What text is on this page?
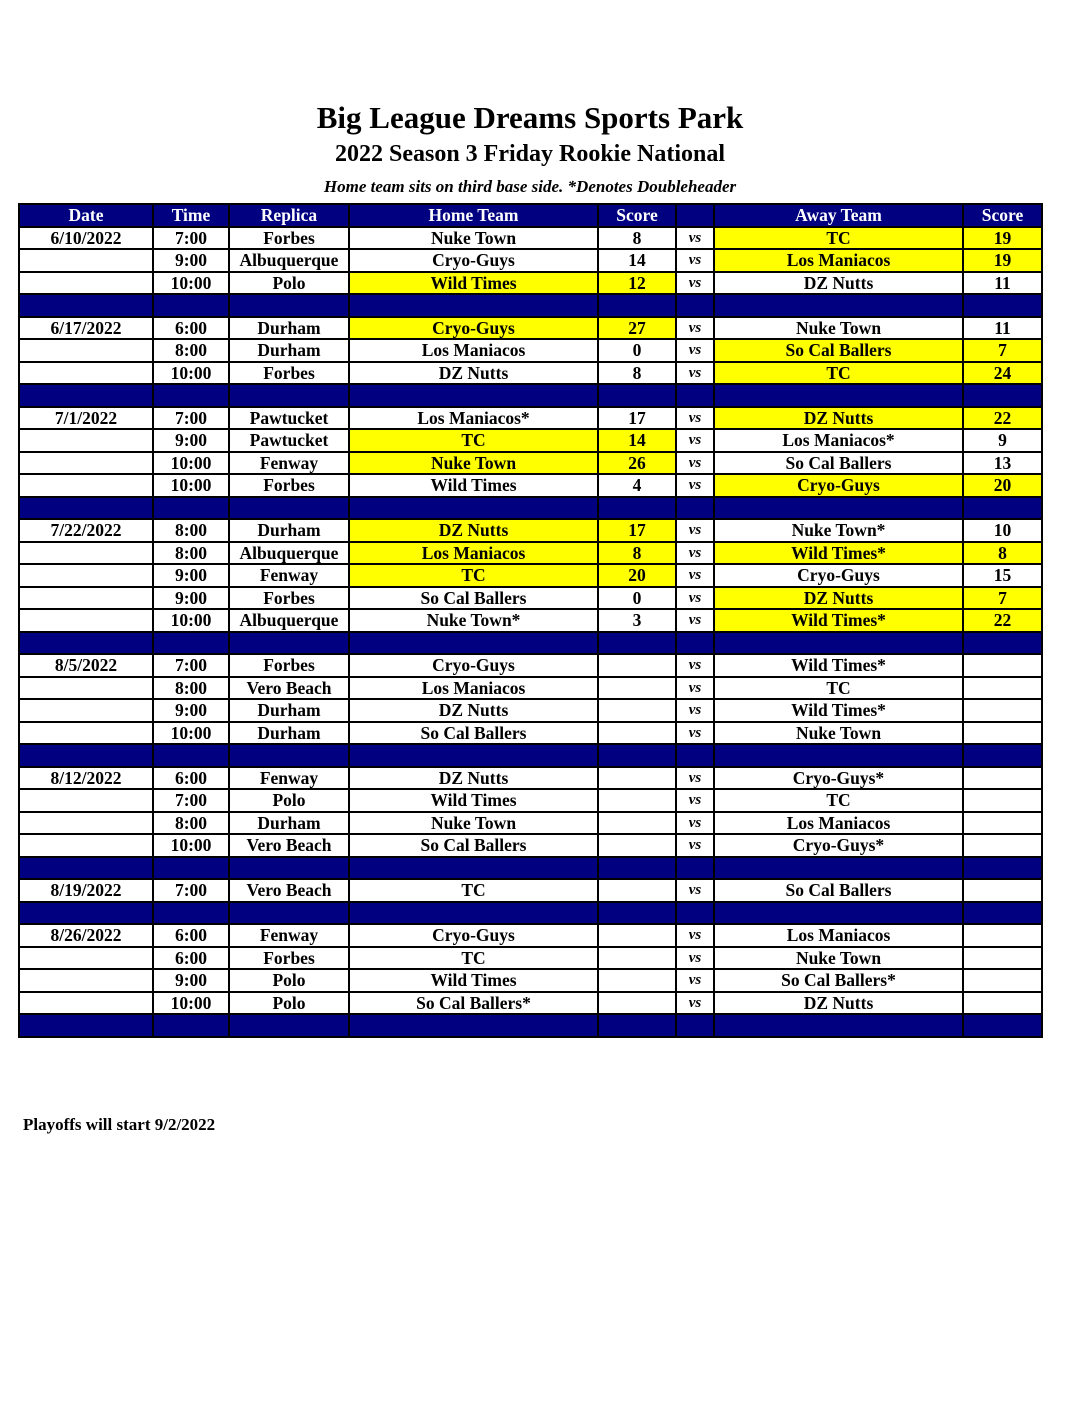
Big League Dreams Sports Park
2022 Season 3 Friday Rookie National
Home team sits on third base side. *Denotes Doubleheader
Date	Time	Replica	Home Team	Score		Away Team	Score
6/10/2022	7:00	Forbes	Nuke Town	8	vs	TC	19
	9:00	Albuquerque	Cryo-Guys	14	vs	Los Maniacos	19
	10:00	Polo	Wild Times	12	vs	DZ Nutts	11

6/17/2022	6:00	Durham	Cryo-Guys	27	vs	Nuke Town	11
	8:00	Durham	Los Maniacos	0	vs	So Cal Ballers	7
	10:00	Forbes	DZ Nutts	8	vs	TC	24

7/1/2022	7:00	Pawtucket	Los Maniacos*	17	vs	DZ Nutts	22
	9:00	Pawtucket	TC	14	vs	Los Maniacos*	9
	10:00	Fenway	Nuke Town	26	vs	So Cal Ballers	13
	10:00	Forbes	Wild Times	4	vs	Cryo-Guys	20

7/22/2022	8:00	Durham	DZ Nutts	17	vs	Nuke Town*	10
	8:00	Albuquerque	Los Maniacos	8	vs	Wild Times*	8
	9:00	Fenway	TC	20	vs	Cryo-Guys	15
	9:00	Forbes	So Cal Ballers	0	vs	DZ Nutts	7
	10:00	Albuquerque	Nuke Town*	3	vs	Wild Times*	22

8/5/2022	7:00	Forbes	Cryo-Guys		vs	Wild Times*	
	8:00	Vero Beach	Los Maniacos		vs	TC	
	9:00	Durham	DZ Nutts		vs	Wild Times*	
	10:00	Durham	So Cal Ballers		vs	Nuke Town	

8/12/2022	6:00	Fenway	DZ Nutts		vs	Cryo-Guys*	
	7:00	Polo	Wild Times		vs	TC	
	8:00	Durham	Nuke Town		vs	Los Maniacos	
	10:00	Vero Beach	So Cal Ballers		vs	Cryo-Guys*	

8/19/2022	7:00	Vero Beach	TC		vs	So Cal Ballers	

8/26/2022	6:00	Fenway	Cryo-Guys		vs	Los Maniacos	
	6:00	Forbes	TC		vs	Nuke Town	
	9:00	Polo	Wild Times		vs	So Cal Ballers*	
	10:00	Polo	So Cal Ballers*		vs	DZ Nutts	

Playoffs will start 9/2/2022
